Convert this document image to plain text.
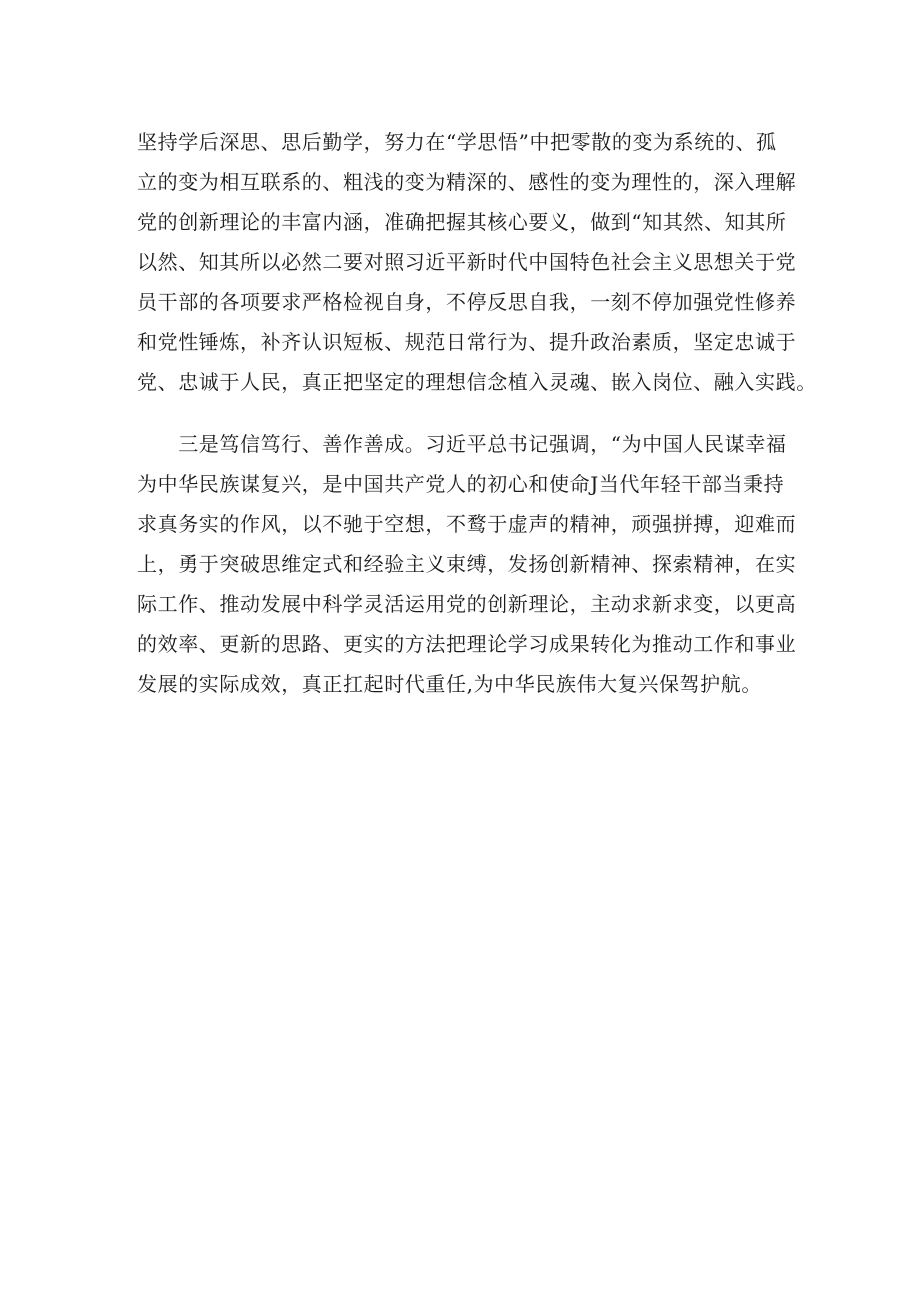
坚持学后深思、思后勤学，努力在“学思悟”中把零散的变为系统的、孤
立的变为相互联系的、粗浅的变为精深的、感性的变为理性的，深入理解
党的创新理论的丰富内涵，准确把握其核心要义，做到“知其然、知其所
以然、知其所以必然二要对照习近平新时代中国特色社会主义思想关于党
员干部的各项要求严格检视自身，不停反思自我，一刻不停加强党性修养
和党性锤炼，补齐认识短板、规范日常行为、提升政治素质，坚定忠诚于
党、忠诚于人民，真正把坚定的理想信念植入灵魂、嵌入岗位、融入实践。

　　三是笃信笃行、善作善成。习近平总书记强调，“为中国人民谋幸福
为中华民族谋复兴，是中国共产党人的初心和使命J当代年轻干部当秉持
求真务实的作风，以不驰于空想，不鹜于虚声的精神，顽强拼搏，迎难而
上，勇于突破思维定式和经验主义束缚，发扬创新精神、探索精神，在实
际工作、推动发展中科学灵活运用党的创新理论，主动求新求变，以更高
的效率、更新的思路、更实的方法把理论学习成果转化为推动工作和事业
发展的实际成效，真正扛起时代重任,为中华民族伟大复兴保驾护航。
